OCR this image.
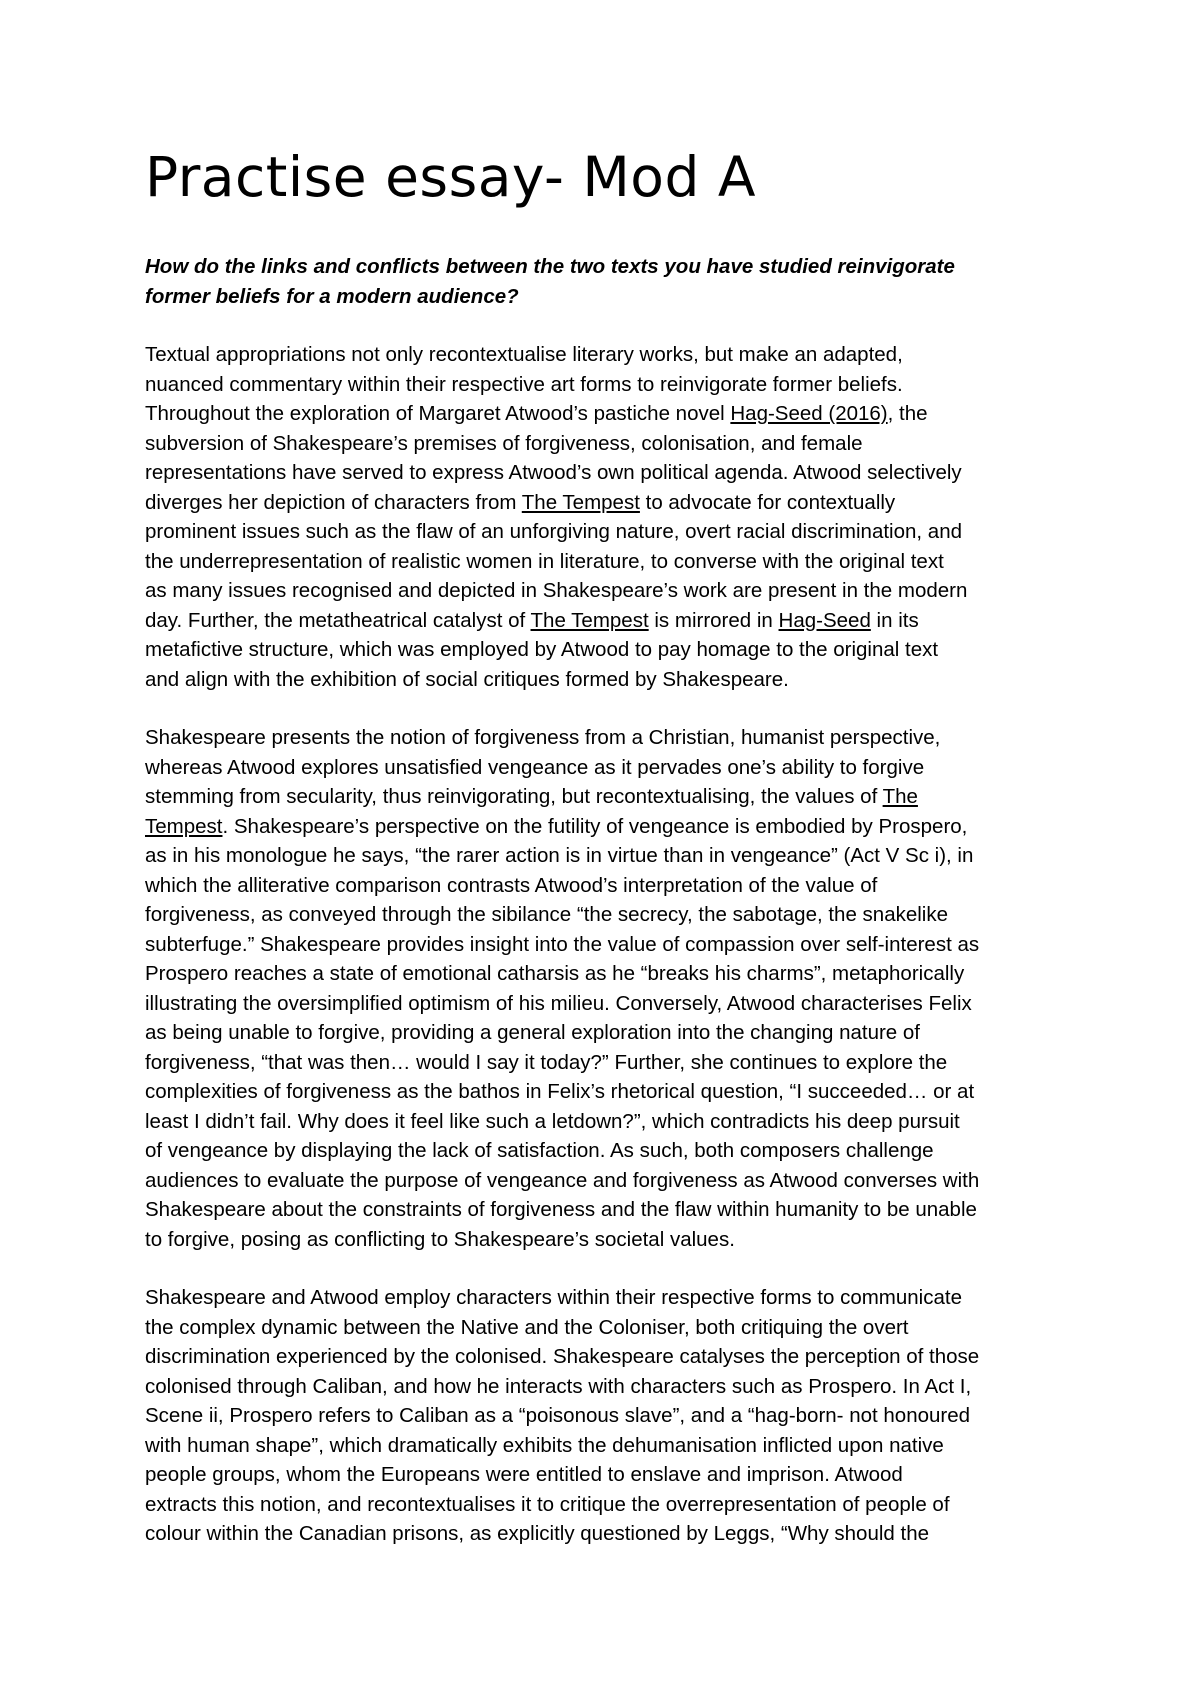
Practise essay- Mod A
How do the links and conflicts between the two texts you have studied reinvigorate
former beliefs for a modern audience?
Textual appropriations not only recontextualise literary works, but make an adapted,
nuanced commentary within their respective art forms to reinvigorate former beliefs.
Throughout the exploration of Margaret Atwood’s pastiche novel Hag-Seed (2016), the
subversion of Shakespeare’s premises of forgiveness, colonisation, and female
representations have served to express Atwood’s own political agenda. Atwood selectively
diverges her depiction of characters from The Tempest to advocate for contextually
prominent issues such as the flaw of an unforgiving nature, overt racial discrimination, and
the underrepresentation of realistic women in literature, to converse with the original text
as many issues recognised and depicted in Shakespeare’s work are present in the modern
day. Further, the metatheatrical catalyst of The Tempest is mirrored in Hag-Seed in its
metafictive structure, which was employed by Atwood to pay homage to the original text
and align with the exhibition of social critiques formed by Shakespeare.
Shakespeare presents the notion of forgiveness from a Christian, humanist perspective,
whereas Atwood explores unsatisfied vengeance as it pervades one’s ability to forgive
stemming from secularity, thus reinvigorating, but recontextualising, the values of The
Tempest. Shakespeare’s perspective on the futility of vengeance is embodied by Prospero,
as in his monologue he says, “the rarer action is in virtue than in vengeance” (Act V Sc i), in
which the alliterative comparison contrasts Atwood’s interpretation of the value of
forgiveness, as conveyed through the sibilance “the secrecy, the sabotage, the snakelike
subterfuge.” Shakespeare provides insight into the value of compassion over self-interest as
Prospero reaches a state of emotional catharsis as he “breaks his charms”, metaphorically
illustrating the oversimplified optimism of his milieu. Conversely, Atwood characterises Felix
as being unable to forgive, providing a general exploration into the changing nature of
forgiveness, “that was then… would I say it today?” Further, she continues to explore the
complexities of forgiveness as the bathos in Felix’s rhetorical question, “I succeeded… or at
least I didn’t fail. Why does it feel like such a letdown?”, which contradicts his deep pursuit
of vengeance by displaying the lack of satisfaction. As such, both composers challenge
audiences to evaluate the purpose of vengeance and forgiveness as Atwood converses with
Shakespeare about the constraints of forgiveness and the flaw within humanity to be unable
to forgive, posing as conflicting to Shakespeare’s societal values.
Shakespeare and Atwood employ characters within their respective forms to communicate
the complex dynamic between the Native and the Coloniser, both critiquing the overt
discrimination experienced by the colonised. Shakespeare catalyses the perception of those
colonised through Caliban, and how he interacts with characters such as Prospero. In Act I,
Scene ii, Prospero refers to Caliban as a “poisonous slave”, and a “hag-born- not honoured
with human shape”, which dramatically exhibits the dehumanisation inflicted upon native
people groups, whom the Europeans were entitled to enslave and imprison. Atwood
extracts this notion, and recontextualises it to critique the overrepresentation of people of
colour within the Canadian prisons, as explicitly questioned by Leggs, “Why should the
